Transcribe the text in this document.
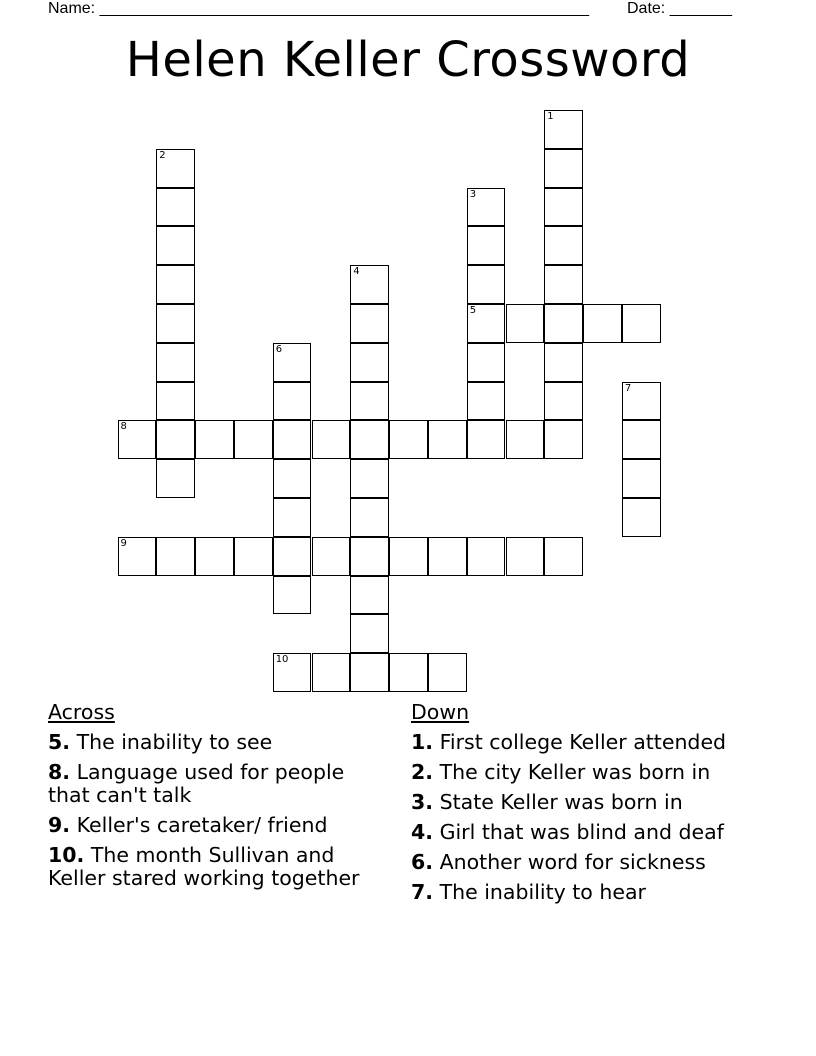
Name: _______________________________________________________ Date: _______
Helen Keller Crossword
1
2
3
5
4
6
7
8
9
10
Across
5. The inability to see
8. Language used for people that can't talk
9. Keller's caretaker/ friend
10. The month Sullivan and Keller stared working together
Down
1. First college Keller attended
2. The city Keller was born in
3. State Keller was born in
4. Girl that was blind and deaf
6. Another word for sickness
7. The inability to hear
